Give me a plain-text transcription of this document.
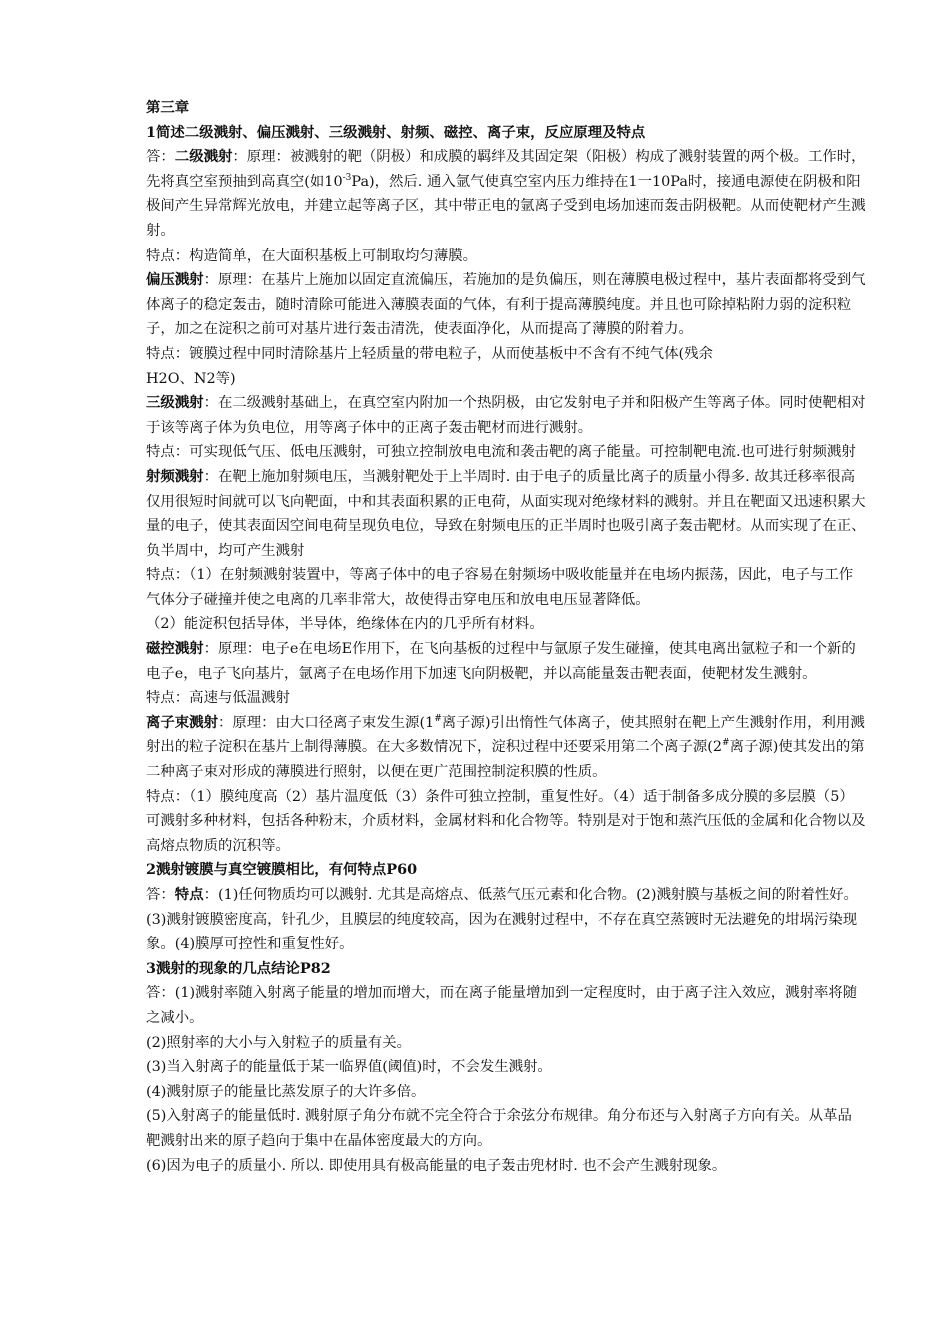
第三章

1简述二级溅射、偏压溅射、三级溅射、射频、磁控、离子束，反应原理及特点

答：二级溅射：原理：被溅射的靶（阴极）和成膜的羁绊及其固定架（阳极）构成了溅射装置的两个极。工作时，先将真空室预抽到高真空(如$10^{-3}Pa$)，然后. 通入氩气使真空室内压力维持在1一10Pa时，接通电源使在阴极和阳极间产生异常辉光放电，并建立起等离子区，其中带正电的氩离子受到电场加速而轰击阴极靶。从而使靶材产生溅射。

特点：构造简单，在大面积基板上可制取均匀薄膜。

偏压溅射：原理：在基片上施加以固定直流偏压，若施加的是负偏压，则在薄膜电极过程中，基片表面都将受到气体离子的稳定轰击，随时清除可能进入薄膜表面的气体，有利于提高薄膜纯度。并且也可除掉粘附力弱的淀积粒子，加之在淀积之前可对基片进行轰击清洗，使表面净化，从而提高了薄膜的附着力。

特点：镀膜过程中同时清除基片上轻质量的带电粒子，从而使基板中不含有不纯气体(残余

H2O、N2等)

三级溅射：在二级溅射基础上，在真空室内附加一个热阴极，由它发射电子并和阳极产生等离子体。同时使靶相对于该等离子体为负电位，用等离子体中的正离子轰击靶材而进行溅射。

特点：可实现低气压、低电压溅射，可独立控制放电电流和袭击靶的离子能量。可控制靶电流.也可进行射频溅射

射频溅射：在靶上施加射频电压，当溅射靶处于上半周时. 由于电子的质量比离子的质量小得多. 故其迁移率很高仅用很短时间就可以飞向靶面，中和其表面积累的正电荷，从面实现对绝缘材料的溅射。并且在靶面又迅速积累大量的电子，使其表面因空间电荷呈现负电位，导致在射频电压的正半周时也吸引离子轰击靶材。从而实现了在正、负半周中，均可产生溅射

特点：（1）在射频溅射装置中，等离子体中的电子容易在射频场中吸收能量并在电场内振荡，因此，电子与工作气体分子碰撞并使之电离的几率非常大，故使得击穿电压和放电电压显著降低。

（2）能淀积包括导体，半导体，绝缘体在内的几乎所有材料。

磁控溅射：原理：电子e在电场E作用下，在飞向基板的过程中与氩原子发生碰撞，使其电离出氩粒子和一个新的电子e，电子飞向基片，氩离子在电场作用下加速飞向阴极靶，并以高能量轰击靶表面，使靶材发生溅射。

特点：高速与低温溅射

离子束溅射：原理：由大口径离子束发生源(1#离子源)引出惰性气体离子，使其照射在靶上产生溅射作用，利用溅射出的粒子淀积在基片上制得薄膜。在大多数情况下，淀积过程中还要采用第二个离子源(2#离子源)使其发出的第二种离子束对形成的薄膜进行照射，以便在更广范围控制淀积膜的性质。

特点：（1）膜纯度高（2）基片温度低（3）条件可独立控制，重复性好。（4）适于制备多成分膜的多层膜（5）可溅射多种材料，包括各种粉末，介质材料，金属材料和化合物等。特别是对于饱和蒸汽压低的金属和化合物以及高熔点物质的沉积等。

2溅射镀膜与真空镀膜相比，有何特点P60

答：特点：(1)任何物质均可以溅射. 尤其是高熔点、低蒸气压元素和化合物。(2)溅射膜与基板之间的附着性好。(3)溅射镀膜密度高，针孔少，且膜层的纯度较高，因为在溅射过程中，不存在真空蒸镀时无法避免的坩埚污染现象。(4)膜厚可控性和重复性好。

3溅射的现象的几点结论P82

答：(1)溅射率随入射离子能量的增加而增大，而在离子能量增加到一定程度时，由于离子注入效应，溅射率将随之减小。

(2)照射率的大小与入射粒子的质量有关。

(3)当入射离子的能量低于某一临界值(阈值)时，不会发生溅射。

(4)溅射原子的能量比蒸发原子的大许多倍。

(5)入射离子的能量低时. 溅射原子角分布就不完全符合于余弦分布规律。角分布还与入射离子方向有关。从革品靶溅射出来的原子趋向于集中在晶体密度最大的方向。

(6)因为电子的质量小. 所以. 即使用具有极高能量的电子轰击兜材时. 也不会产生溅射现象。
